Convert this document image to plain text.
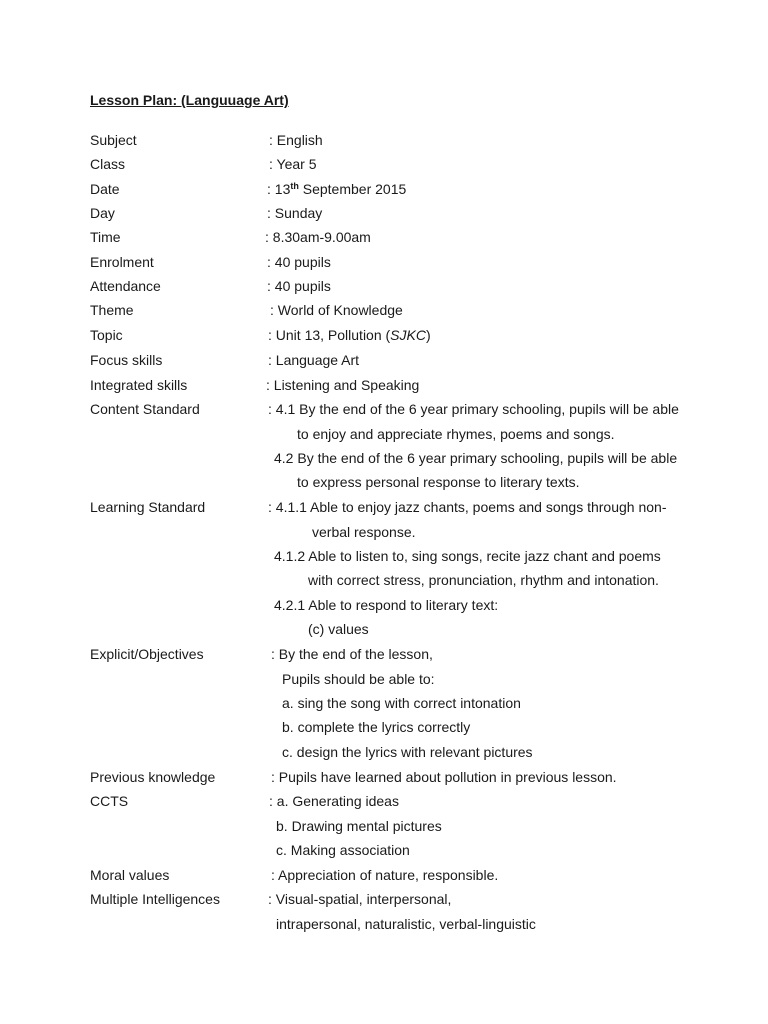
Lesson Plan: (Languuage Art)
Subject	: English
Class	: Year 5
Date	: 13th September 2015
Day	: Sunday
Time	: 8.30am-9.00am
Enrolment	: 40 pupils
Attendance	: 40 pupils
Theme	: World of Knowledge
Topic	: Unit 13, Pollution (SJKC)
Focus skills	: Language Art
Integrated skills	: Listening and Speaking
Content Standard	: 4.1 By the end of the 6 year primary schooling, pupils will be able
to enjoy and appreciate rhymes, poems and songs.
4.2 By the end of the 6 year primary schooling, pupils will be able
to express personal response to literary texts.
Learning Standard	: 4.1.1 Able to enjoy jazz chants, poems and songs through non-
verbal response.
4.1.2 Able to listen to, sing songs, recite jazz chant and poems
with correct stress, pronunciation, rhythm and intonation.
4.2.1 Able to respond to literary text:
(c) values
Explicit/Objectives	: By the end of the lesson,
Pupils should be able to:
a. sing the song with correct intonation
b. complete the lyrics correctly
c. design the lyrics with relevant pictures
Previous knowledge	: Pupils have learned about pollution in previous lesson.
CCTS	: a. Generating ideas
b. Drawing mental pictures
c. Making association
Moral values	: Appreciation of nature, responsible.
Multiple Intelligences	: Visual-spatial, interpersonal,
intrapersonal, naturalistic, verbal-linguistic
